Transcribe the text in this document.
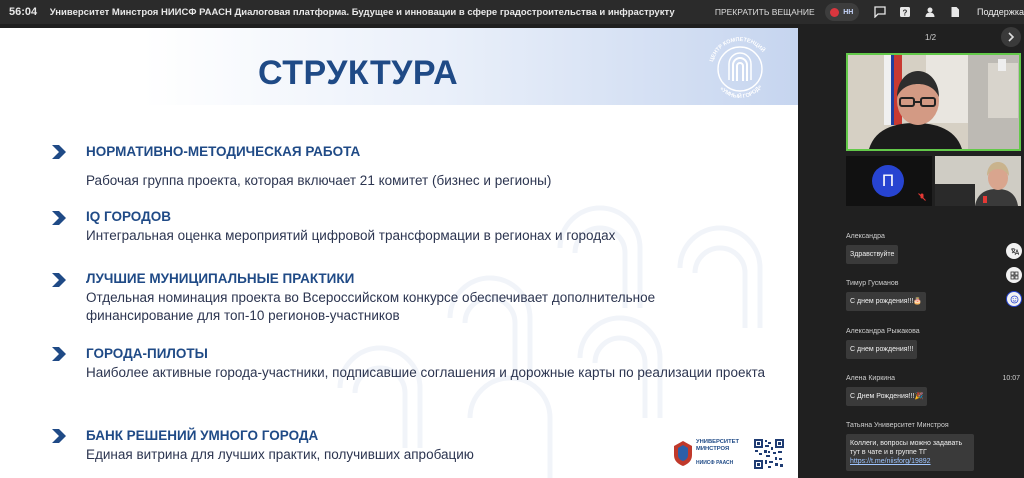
56:04	Университет Минстроя НИИСФ РААСН Диалоговая платформа. Будущее и инновации в сфере градостроительства и инфраструкту	ПРЕКРАТИТЬ ВЕЩАНИЕ	НН	?	Поддержка
СТРУКТУРА	ЦЕНТР КОМПЕТЕНЦИЙ
«УМНЫЙ ГОРОД»
НОРМАТИВНО-МЕТОДИЧЕСКАЯ РАБОТА
Рабочая группа проекта, которая включает 21 комитет (бизнес и регионы)
IQ ГОРОДОВ
Интегральная оценка мероприятий цифровой трансформации в регионах и городах
ЛУЧШИЕ МУНИЦИПАЛЬНЫЕ ПРАКТИКИ
Отдельная номинация проекта во Всероссийском конкурсе обеспечивает дополнительное финансирование для топ-10 регионов-участников
ГОРОДА-ПИЛОТЫ
Наиболее активные города-участники, подписавшие соглашения и дорожные карты по реализации проекта
БАНК РЕШЕНИЙ УМНОГО ГОРОДА
Единая витрина для лучших практик, получивших апробацию
УНИВЕРСИТЕТ МИНСТРОЯ
НИИСФ РААСН
1/2
П
Александра
Здравствуйте
Тимур Гусманов
С днем рождения!!!🎂
Александра Рыжакова
С днем рождения!!!
Алена Киркина	10:07
С Днем Рождения!!!🎉
Татьяна Университет Минстроя
Коллеги, вопросы можно задавать тут в чате и в группе ТГ
https://t.me/niisforg/19892
